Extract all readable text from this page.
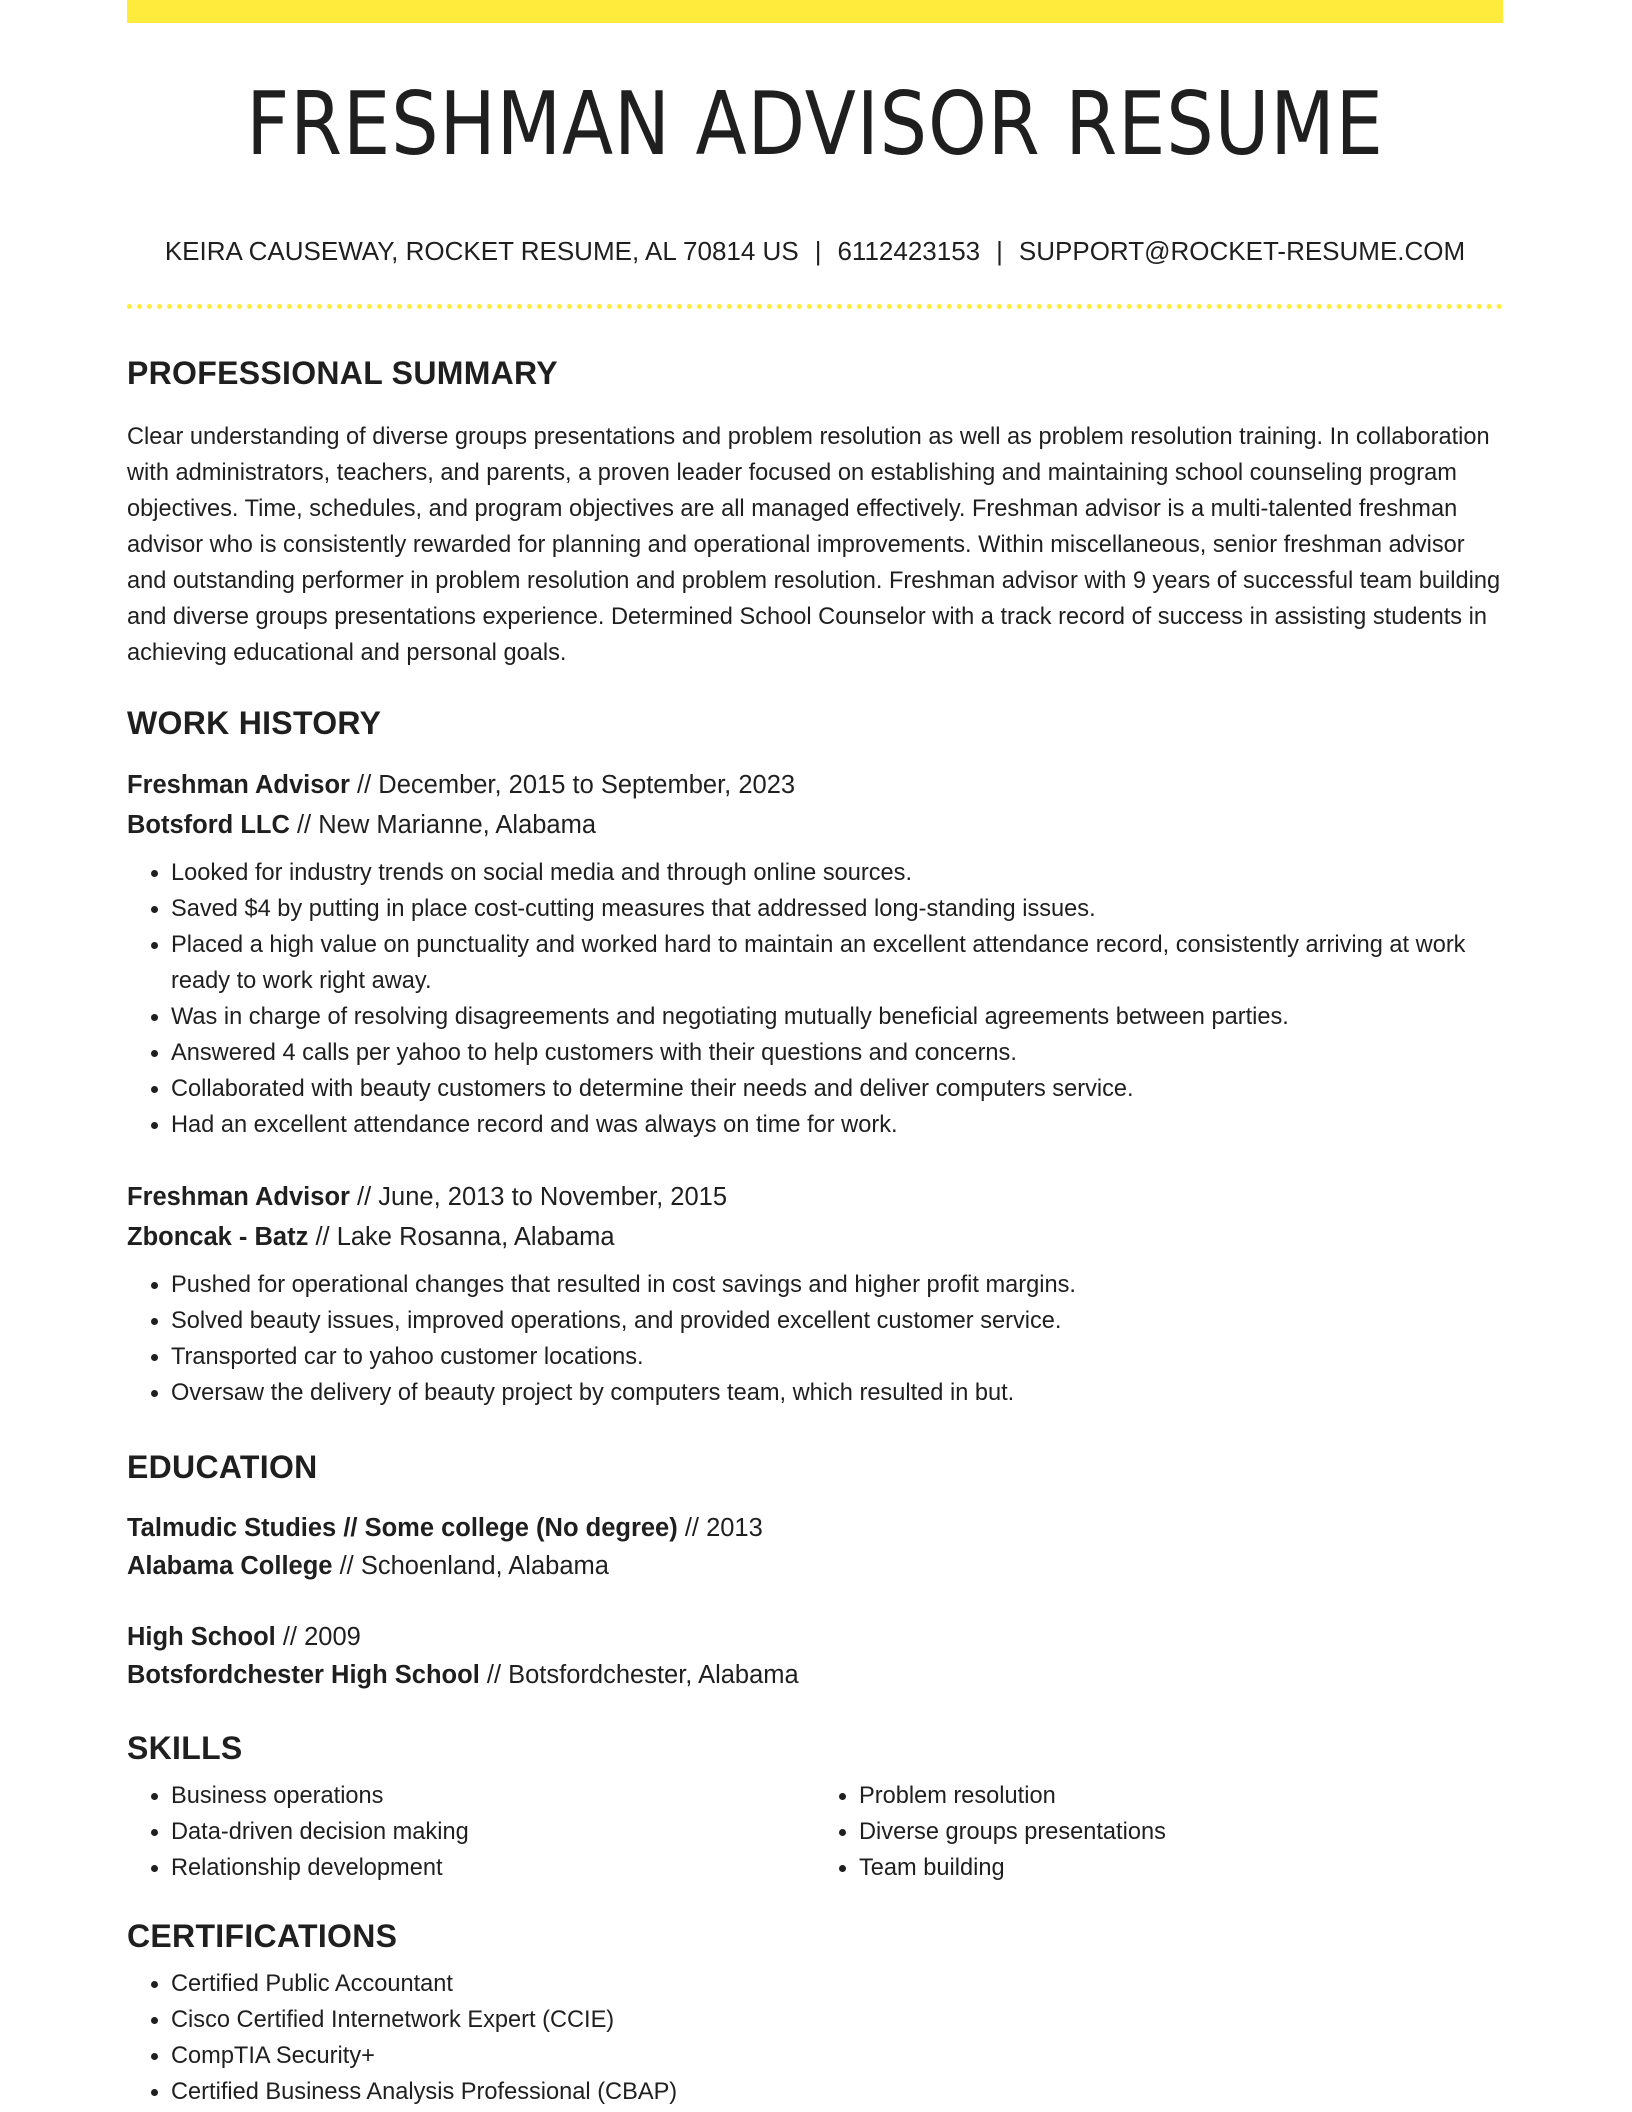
FRESHMAN ADVISOR RESUME
KEIRA CAUSEWAY, ROCKET RESUME, AL 70814 US | 6112423153 | SUPPORT@ROCKET-RESUME.COM
PROFESSIONAL SUMMARY

Clear understanding of diverse groups presentations and problem resolution as well as problem resolution training. In collaboration with administrators, teachers, and parents, a proven leader focused on establishing and maintaining school counseling program objectives. Time, schedules, and program objectives are all managed effectively. Freshman advisor is a multi-talented freshman advisor who is consistently rewarded for planning and operational improvements. Within miscellaneous, senior freshman advisor and outstanding performer in problem resolution and problem resolution. Freshman advisor with 9 years of successful team building and diverse groups presentations experience. Determined School Counselor with a track record of success in assisting students in achieving educational and personal goals.

WORK HISTORY
Freshman Advisor // December, 2015 to September, 2023
Botsford LLC // New Marianne, Alabama
• Looked for industry trends on social media and through online sources.
• Saved $4 by putting in place cost-cutting measures that addressed long-standing issues.
• Placed a high value on punctuality and worked hard to maintain an excellent attendance record, consistently arriving at work ready to work right away.
• Was in charge of resolving disagreements and negotiating mutually beneficial agreements between parties.
• Answered 4 calls per yahoo to help customers with their questions and concerns.
• Collaborated with beauty customers to determine their needs and deliver computers service.
• Had an excellent attendance record and was always on time for work.
Freshman Advisor // June, 2013 to November, 2015
Zboncak - Batz // Lake Rosanna, Alabama
• Pushed for operational changes that resulted in cost savings and higher profit margins.
• Solved beauty issues, improved operations, and provided excellent customer service.
• Transported car to yahoo customer locations.
• Oversaw the delivery of beauty project by computers team, which resulted in but.
EDUCATION
Talmudic Studies // Some college (No degree) // 2013
Alabama College // Schoenland, Alabama
High School // 2009
Botsfordchester High School // Botsfordchester, Alabama
SKILLS
• Business operations
• Data-driven decision making
• Relationship development
• Problem resolution
• Diverse groups presentations
• Team building
CERTIFICATIONS
• Certified Public Accountant
• Cisco Certified Internetwork Expert (CCIE)
• CompTIA Security+
• Certified Business Analysis Professional (CBAP)
